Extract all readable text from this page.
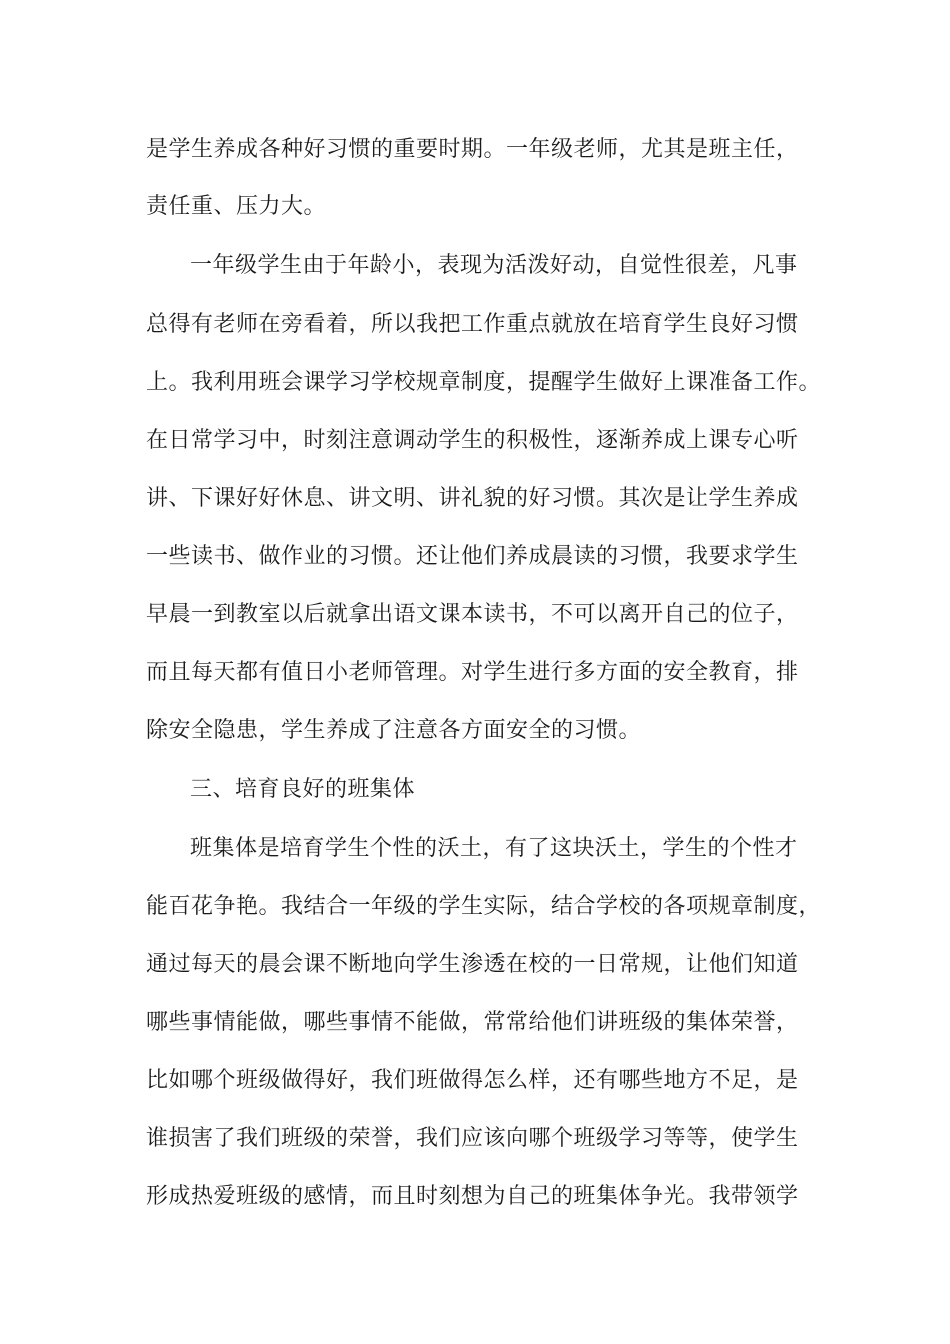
是学生养成各种好习惯的重要时期。一年级老师，尤其是班主任，
责任重、压力大。
一年级学生由于年龄小，表现为活泼好动，自觉性很差，凡事
总得有老师在旁看着，所以我把工作重点就放在培育学生良好习惯
上。我利用班会课学习学校规章制度，提醒学生做好上课准备工作。
在日常学习中，时刻注意调动学生的积极性，逐渐养成上课专心听
讲、下课好好休息、讲文明、讲礼貌的好习惯。其次是让学生养成
一些读书、做作业的习惯。还让他们养成晨读的习惯，我要求学生
早晨一到教室以后就拿出语文课本读书，不可以离开自己的位子，
而且每天都有值日小老师管理。对学生进行多方面的安全教育，排
除安全隐患，学生养成了注意各方面安全的习惯。
三、培育良好的班集体
班集体是培育学生个性的沃土，有了这块沃土，学生的个性才
能百花争艳。我结合一年级的学生实际，结合学校的各项规章制度，
通过每天的晨会课不断地向学生渗透在校的一日常规，让他们知道
哪些事情能做，哪些事情不能做，常常给他们讲班级的集体荣誉，
比如哪个班级做得好，我们班做得怎么样，还有哪些地方不足，是
谁损害了我们班级的荣誉，我们应该向哪个班级学习等等，使学生
形成热爱班级的感情，而且时刻想为自己的班集体争光。我带领学
